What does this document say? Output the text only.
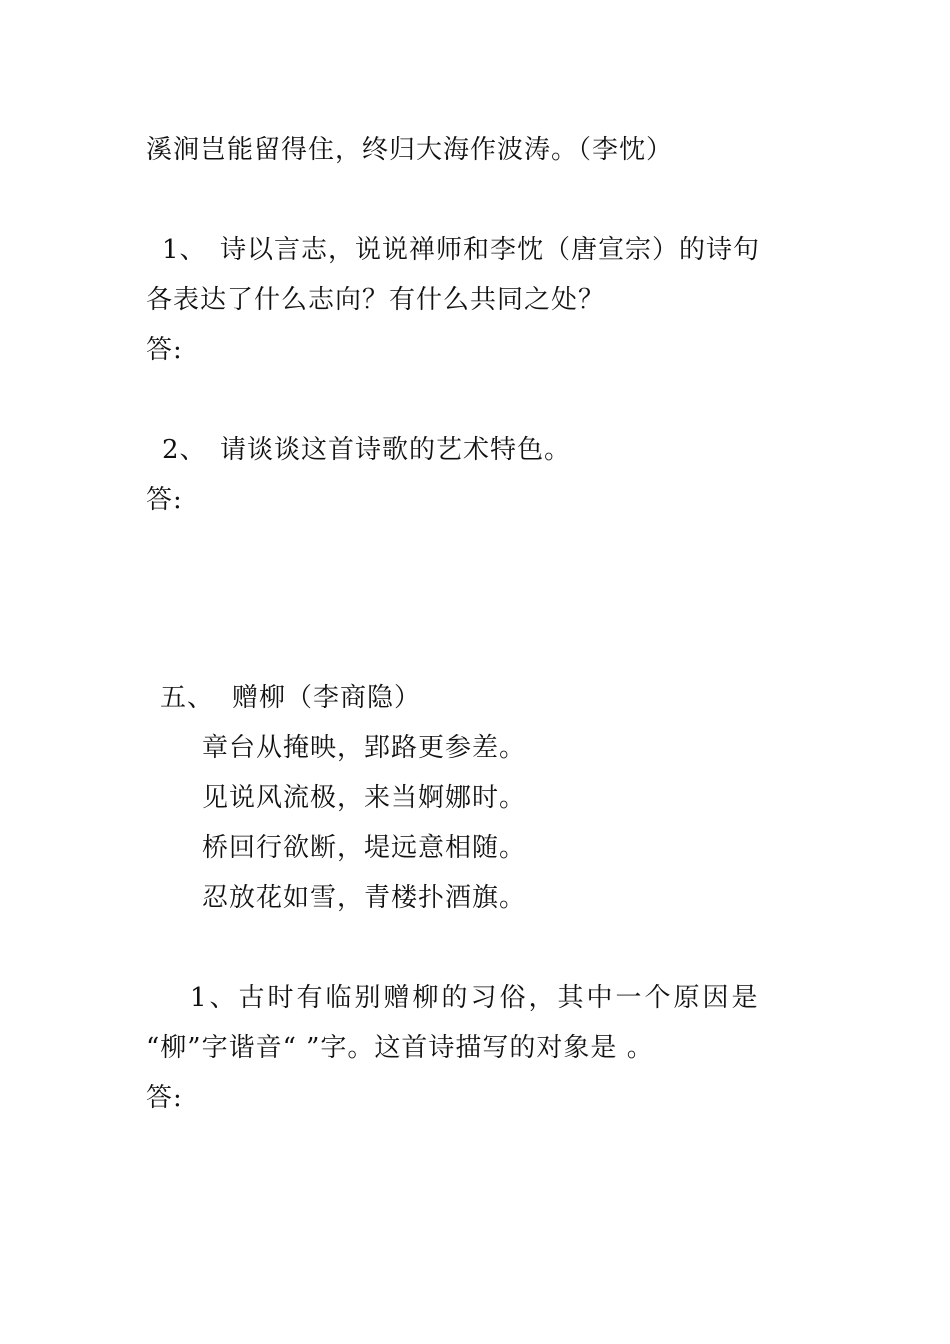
溪涧岂能留得住，终归大海作波涛。（李忱）
1、 诗以言志，说说禅师和李忱（唐宣宗）的诗句
各表达了什么志向？有什么共同之处？
答:
2、 请谈谈这首诗歌的艺术特色。
答:
五、 赠柳（李商隐）
章台从掩映，郢路更参差。
见说风流极，来当婀娜时。
桥回行欲断，堤远意相随。
忍放花如雪，青楼扑酒旗。
1、古时有临别赠柳的习俗，其中一个原因是
“柳”字谐音“ ”字。这首诗描写的对象是 。
答:
